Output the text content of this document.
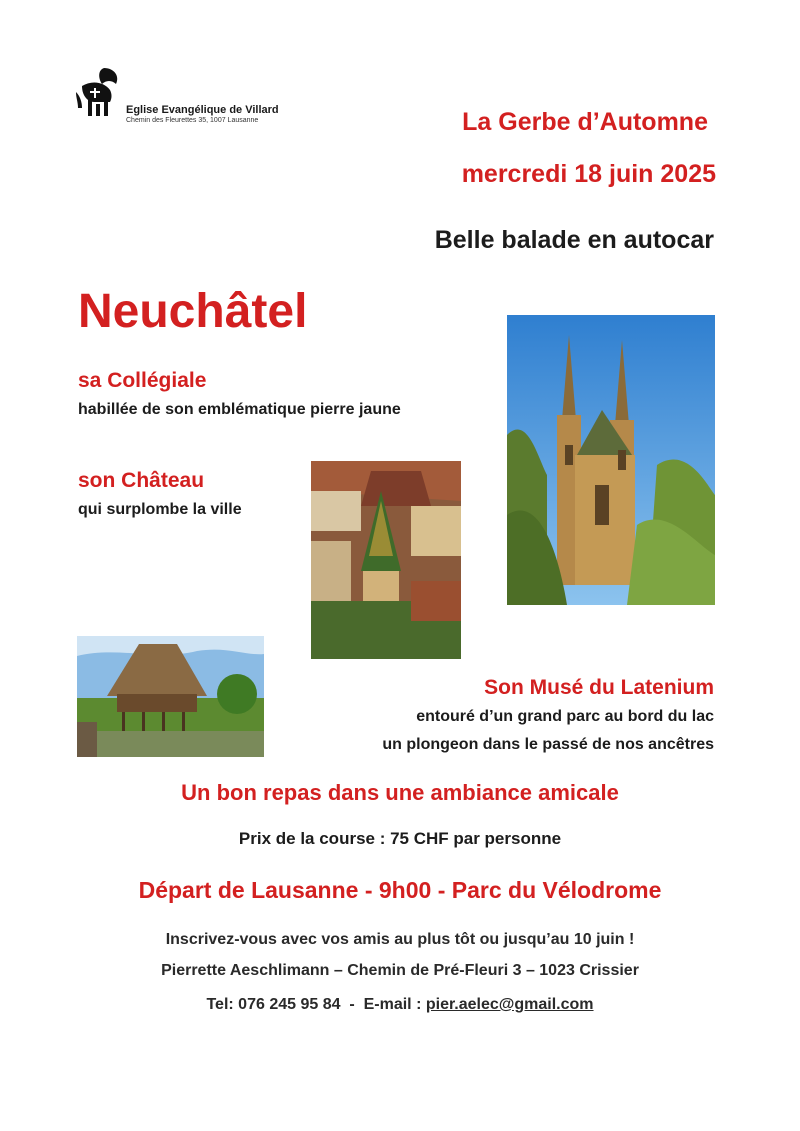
Eglise Evangélique de Villard
Chemin des Fleurettes 35, 1007 Lausanne	La Gerbe d’Automne
mercredi 18 juin 2025
Belle balade en autocar
Neuchâtel
sa Collégiale
habillée de son emblématique pierre jaune
son Château
qui surplombe la ville
Son Musé du Latenium
entouré d’un grand parc au bord du lac
un plongeon dans le passé de nos ancêtres
Un bon repas dans une ambiance amicale
Prix de la course : 75 CHF par personne
Départ de Lausanne - 9h00 - Parc du Vélodrome
Inscrivez-vous avec vos amis au plus tôt ou jusqu’au 10 juin !
Pierrette Aeschlimann – Chemin de Pré-Fleuri 3 – 1023 Crissier
Tel: 076 245 95 84  -  E-mail : pier.aelec@gmail.com
